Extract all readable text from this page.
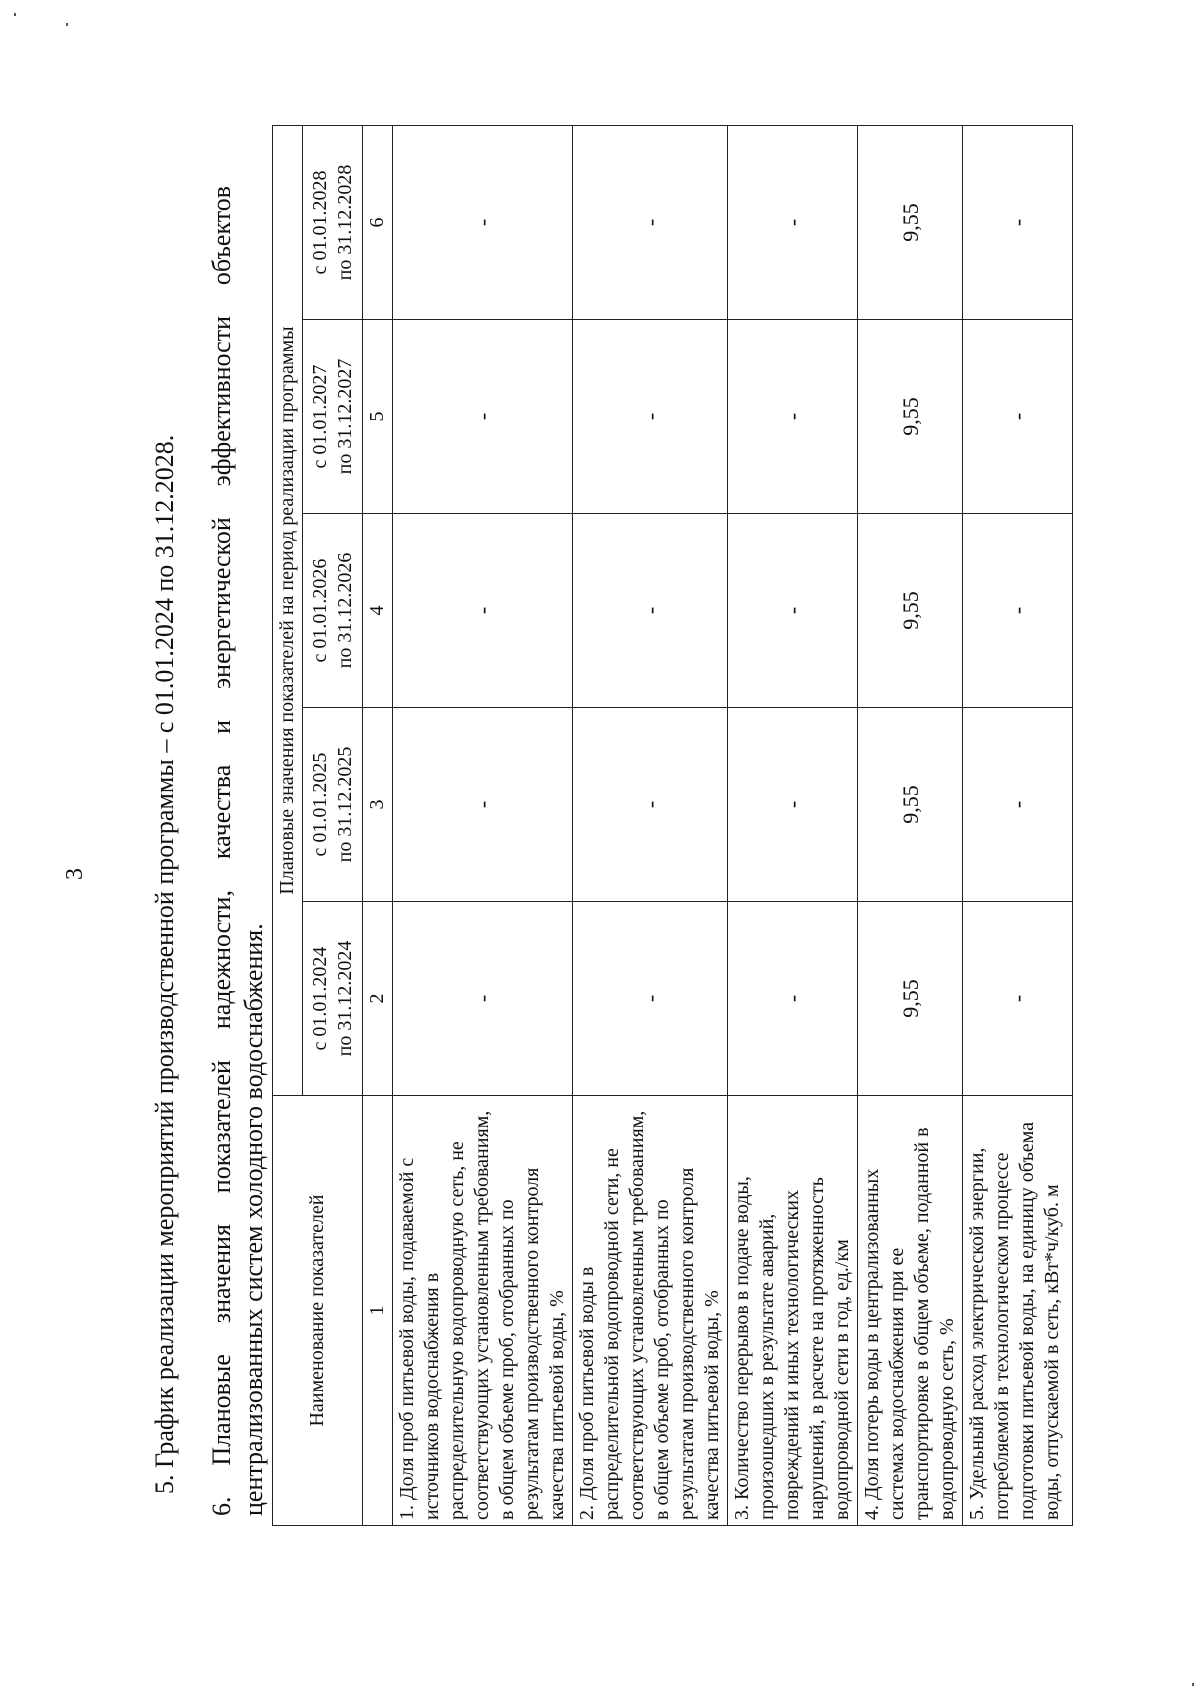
3 5. График реализации мероприятий производственной программы – с 01.01.2024 по 31.12.2028.
6. Плановые значения показателей надежности, качества и энергетической эффективности объектов
централизованных систем холодного водоснабжения. Наименование показателей	Плановые значения показателей на период реализации программы				
	с 01.01.2024 по 31.12.2024	с 01.01.2025 по 31.12.2025	с 01.01.2026 по 31.12.2026	с 01.01.2027 по 31.12.2027	с 01.01.2028 по 31.12.2028
1	2	3	4	5	6
1. Доля проб питьевой воды, подаваемой с источников водоснабжения в распределительную водопроводную сеть, не соответствующих установленным требованиям, в общем объеме проб, отобранных по результатам производственного контроля качества питьевой воды, %	-	-	-	-	-
2. Доля проб питьевой воды в распределительной водопроводной сети, не соответствующих установленным требованиям, в общем объеме проб, отобранных по результатам производственного контроля качества питьевой воды, %	-	-	-	-	-
3. Количество перерывов в подаче воды, произошедших в результате аварий, повреждений и иных технологических нарушений, в расчете на протяженность водопроводной сети в год, ед./км	-	-	-	-	-
4. Доля потерь воды в централизованных системах водоснабжения при ее транспортировке в общем объеме, поданной в водопроводную сеть, %	9,55	9,55	9,55	9,55	9,55
5. Удельный расход электрической энергии, потребляемой в технологическом процессе подготовки питьевой воды, на единицу объема воды, отпускаемой в сеть, кВт*ч/куб. м	-	-	-	-	-
